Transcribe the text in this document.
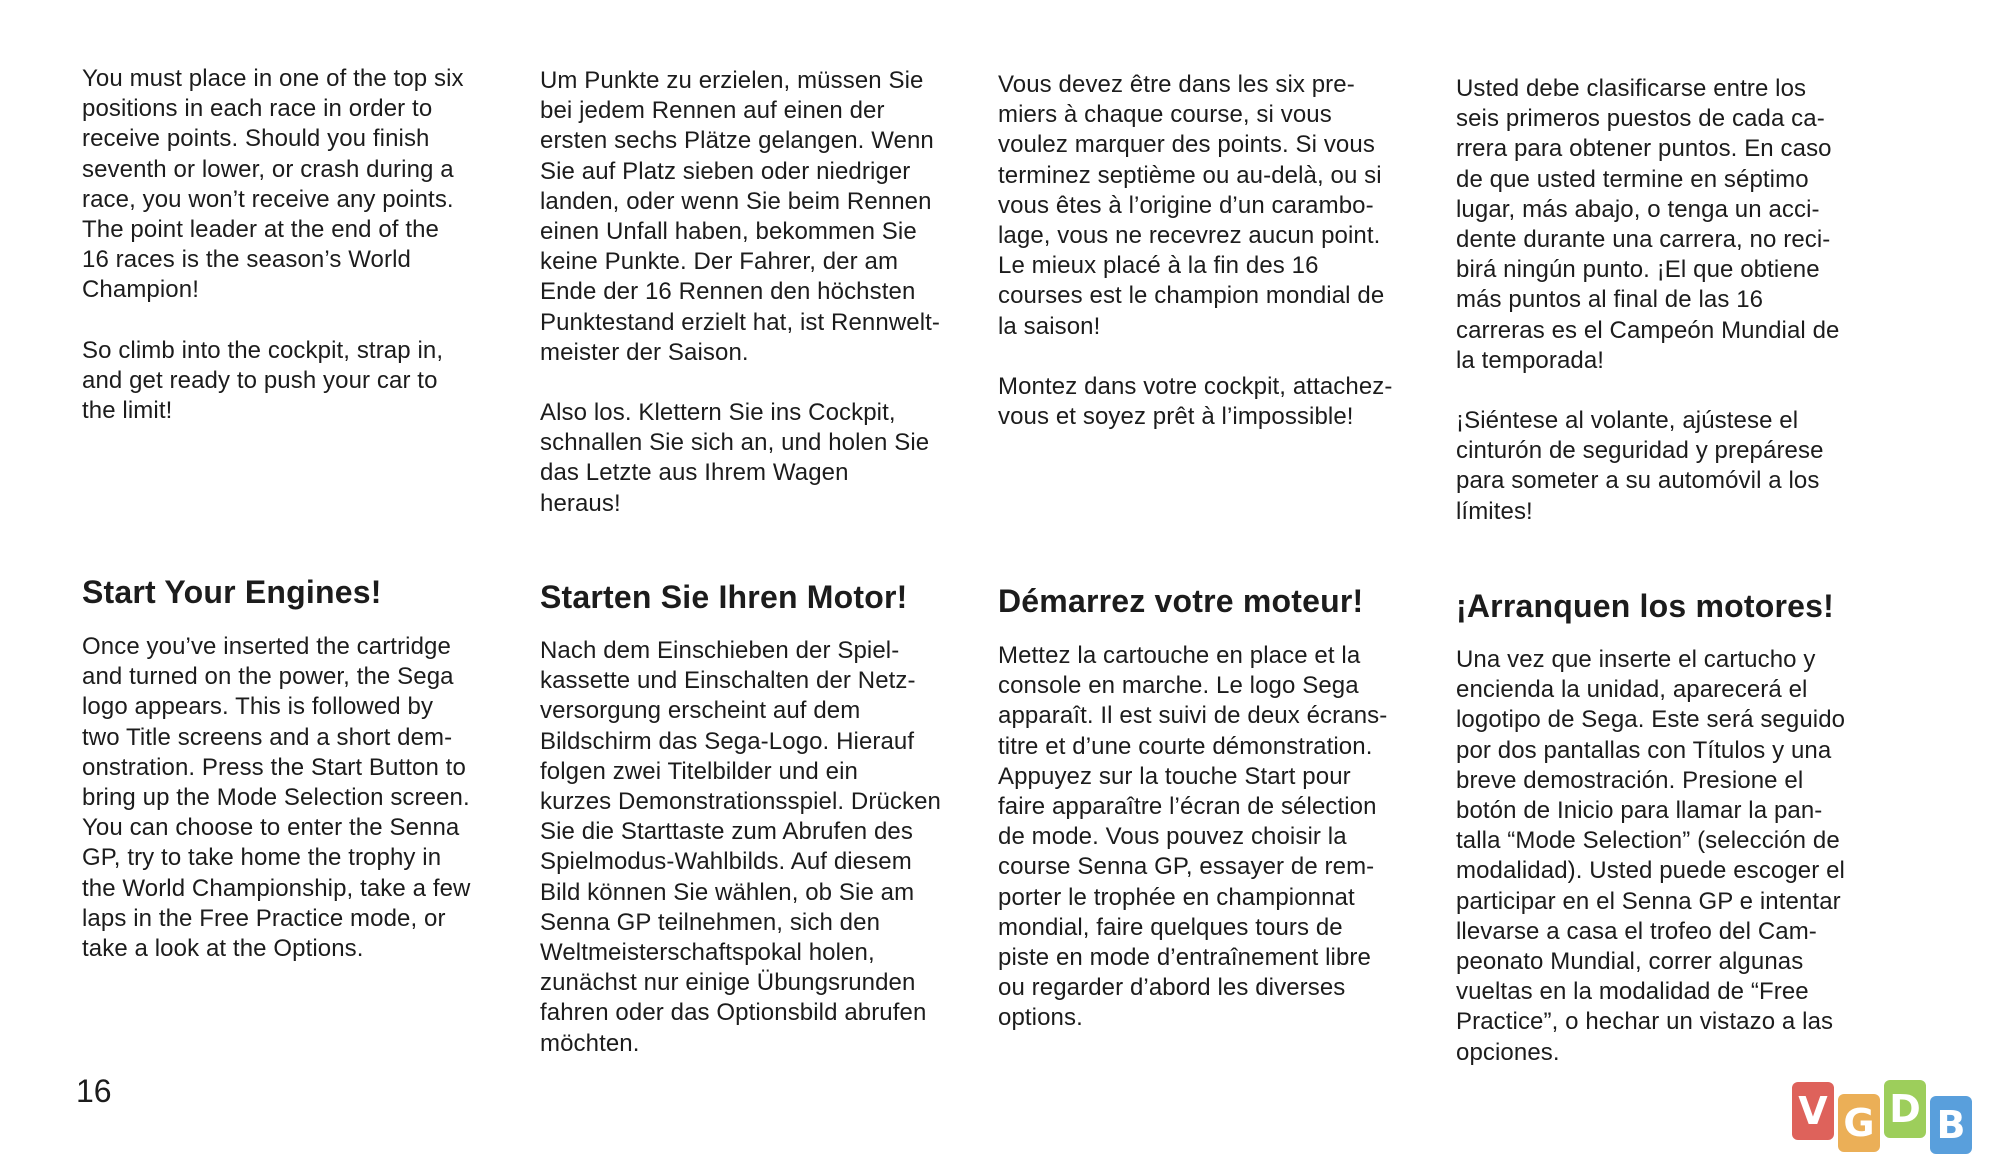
You must place in one of the top six
positions in each race in order to
receive points. Should you finish
seventh or lower, or crash during a
race, you won’t receive any points.
The point leader at the end of the
16 races is the season’s World
Champion!

So climb into the cockpit, strap in,
and get ready to push your car to
the limit!

Start Your Engines!

Once you’ve inserted the cartridge
and turned on the power, the Sega
logo appears. This is followed by
two Title screens and a short dem-
onstration. Press the Start Button to
bring up the Mode Selection screen.
You can choose to enter the Senna
GP, try to take home the trophy in
the World Championship, take a few
laps in the Free Practice mode, or
take a look at the Options.

Um Punkte zu erzielen, müssen Sie
bei jedem Rennen auf einen der
ersten sechs Plätze gelangen. Wenn
Sie auf Platz sieben oder niedriger
landen, oder wenn Sie beim Rennen
einen Unfall haben, bekommen Sie
keine Punkte. Der Fahrer, der am
Ende der 16 Rennen den höchsten
Punktestand erzielt hat, ist Rennwelt-
meister der Saison.

Also los. Klettern Sie ins Cockpit,
schnallen Sie sich an, und holen Sie
das Letzte aus Ihrem Wagen
heraus!

Starten Sie Ihren Motor!

Nach dem Einschieben der Spiel-
kassette und Einschalten der Netz-
versorgung erscheint auf dem
Bildschirm das Sega-Logo. Hierauf
folgen zwei Titelbilder und ein
kurzes Demonstrationsspiel. Drücken
Sie die Starttaste zum Abrufen des
Spielmodus-Wahlbilds. Auf diesem
Bild können Sie wählen, ob Sie am
Senna GP teilnehmen, sich den
Weltmeisterschaftspokal holen,
zunächst nur einige Übungsrunden
fahren oder das Optionsbild abrufen
möchten.

Vous devez être dans les six pre-
miers à chaque course, si vous
voulez marquer des points. Si vous
terminez septième ou au-delà, ou si
vous êtes à l’origine d’un carambo-
lage, vous ne recevrez aucun point.
Le mieux placé à la fin des 16
courses est le champion mondial de
la saison!

Montez dans votre cockpit, attachez-
vous et soyez prêt à l’impossible!

Démarrez votre moteur!

Mettez la cartouche en place et la
console en marche. Le logo Sega
apparaît. Il est suivi de deux écrans-
titre et d’une courte démonstration.
Appuyez sur la touche Start pour
faire apparaître l’écran de sélection
de mode. Vous pouvez choisir la
course Senna GP, essayer de rem-
porter le trophée en championnat
mondial, faire quelques tours de
piste en mode d’entraînement libre
ou regarder d’abord les diverses
options.

Usted debe clasificarse entre los
seis primeros puestos de cada ca-
rrera para obtener puntos. En caso
de que usted termine en séptimo
lugar, más abajo, o tenga un acci-
dente durante una carrera, no reci-
birá ningún punto. ¡El que obtiene
más puntos al final de las 16
carreras es el Campeón Mundial de
la temporada!

¡Siéntese al volante, ajústese el
cinturón de seguridad y prepárese
para someter a su automóvil a los
límites!

¡Arranquen los motores!

Una vez que inserte el cartucho y
encienda la unidad, aparecerá el
logotipo de Sega. Este será seguido
por dos pantallas con Títulos y una
breve demostración. Presione el
botón de Inicio para llamar la pan-
talla “Mode Selection” (selección de
modalidad). Usted puede escoger el
participar en el Senna GP e intentar
llevarse a casa el trofeo del Cam-
peonato Mundial, correr algunas
vueltas en la modalidad de “Free
Practice”, o hechar un vistazo a las
opciones.

16	V G D B
